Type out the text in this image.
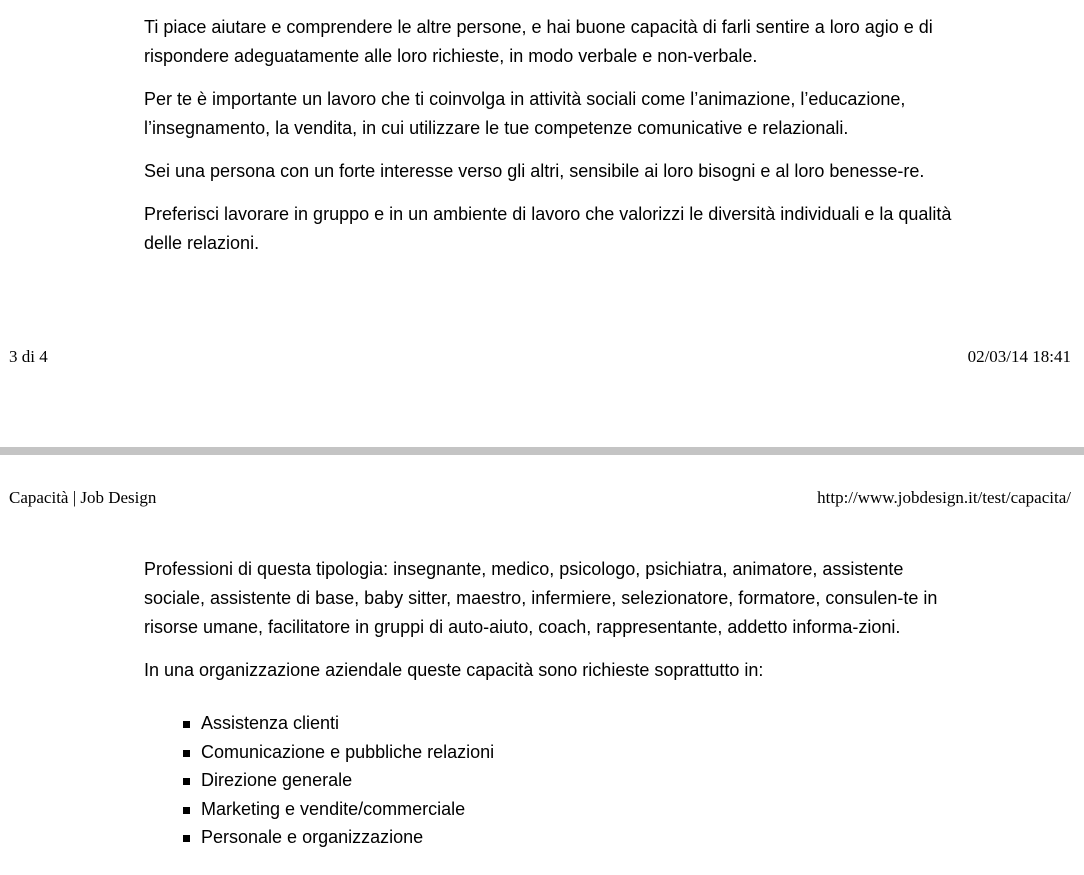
Ti piace aiutare e comprendere le altre persone, e hai buone capacità di farli sentire a loro agio e di rispondere adeguatamente alle loro richieste, in modo verbale e non-verbale.

Per te è importante un lavoro che ti coinvolga in attività sociali come l’animazione, l’educazione, l’insegnamento, la vendita, in cui utilizzare le tue competenze comunicative e relazionali.

Sei una persona con un forte interesse verso gli altri, sensibile ai loro bisogni e al loro benesse-re.

Preferisci lavorare in gruppo e in un ambiente di lavoro che valorizzi le diversità individuali e la qualità delle relazioni.

3 di 4	02/03/14 18:41
Capacità | Job Design	http://www.jobdesign.it/test/capacita/

Professioni di questa tipologia: insegnante, medico, psicologo, psichiatra, animatore, assistente sociale, assistente di base, baby sitter, maestro, infermiere, selezionatore, formatore, consulen-te in risorse umane, facilitatore in gruppi di auto-aiuto, coach, rappresentante, addetto informa-zioni.

In una organizzazione aziendale queste capacità sono richieste soprattutto in:

Assistenza clienti
Comunicazione e pubbliche relazioni
Direzione generale
Marketing e vendite/commerciale
Personale e organizzazione
